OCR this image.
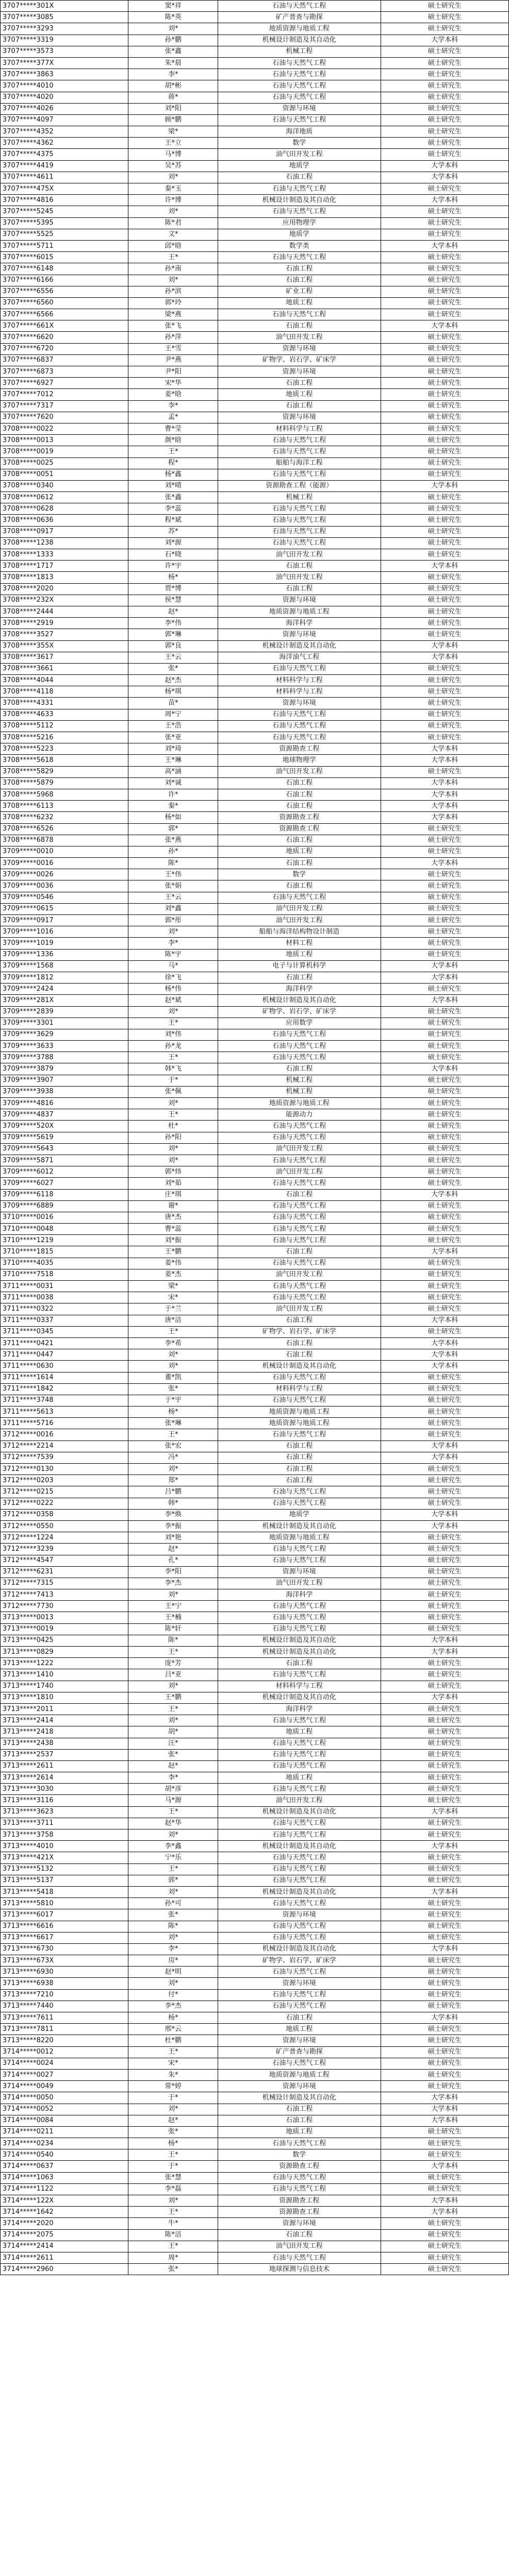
3707*****301X	窦*祥	石油与天然气工程	硕士研究生
3707*****3085	陈*英	矿产普查与勘探	硕士研究生
3707*****3293	刘*	地质资源与地质工程	硕士研究生
3707*****3319	孙*鹏	机械设计制造及其自动化	大学本科
3707*****3573	张*鑫	机械工程	硕士研究生
3707*****377X	朱*晨	石油与天然气工程	硕士研究生
3707*****3863	李*	石油与天然气工程	硕士研究生
3707*****4010	胡*彬	石油与天然气工程	硕士研究生
3707*****4020	蒋*	石油与天然气工程	硕士研究生
3707*****4026	刘*阳	资源与环境	硕士研究生
3707*****4097	顾*鹏	石油与天然气工程	硕士研究生
3707*****4352	梁*	海洋地质	硕士研究生
3707*****4362	王*立	数学	硕士研究生
3707*****4375	马*博	油气田开发工程	硕士研究生
3707*****4419	吴*苏	地质学	大学本科
3707*****4611	刘*	石油工程	大学本科
3707*****475X	秦*玉	石油与天然气工程	硕士研究生
3707*****4816	许*博	机械设计制造及其自动化	大学本科
3707*****5245	刘*	石油与天然气工程	硕士研究生
3707*****5395	陈*君	应用物理学	硕士研究生
3707*****5525	文*	地质学	硕士研究生
3707*****5711	邱*晗	数学类	大学本科
3707*****6015	王*	石油与天然气工程	硕士研究生
3707*****6148	孙*南	石油工程	硕士研究生
3707*****6166	刘*	石油工程	硕士研究生
3707*****6556	孙*滨	矿业工程	硕士研究生
3707*****6560	郭*玲	地质工程	硕士研究生
3707*****6566	梁*燕	石油与天然气工程	硕士研究生
3707*****661X	张*飞	石油工程	大学本科
3707*****6620	孙*萍	油气田开发工程	硕士研究生
3707*****6720	王*雪	资源与环境	硕士研究生
3707*****6837	尹*燕	矿物学、岩石学、矿床学	硕士研究生
3707*****6873	尹*阳	资源与环境	硕士研究生
3707*****6927	宋*华	石油工程	硕士研究生
3707*****7012	姜*晗	地质工程	硕士研究生
3707*****7317	李*	石油工程	硕士研究生
3707*****7620	孟*	资源与环境	硕士研究生
3708*****0022	曹*莹	材料科学与工程	硕士研究生
3708*****0013	颜*晗	石油与天然气工程	硕士研究生
3708*****0019	王*	石油与天然气工程	硕士研究生
3708*****0025	程*	船舶与海洋工程	硕士研究生
3708*****0051	杨*鑫	石油与天然气工程	硕士研究生
3708*****0340	刘*晴	资源勘查工程（能源）	大学本科
3708*****0612	张*鑫	机械工程	硕士研究生
3708*****0628	李*蕊	石油与天然气工程	硕士研究生
3708*****0636	程*斌	石油与天然气工程	硕士研究生
3708*****0917	苏*	石油与天然气工程	硕士研究生
3708*****1238	刘*源	石油与天然气工程	硕士研究生
3708*****1333	石*晓	油气田开发工程	硕士研究生
3708*****1717	许*宇	石油工程	大学本科
3708*****1813	杨*	油气田开发工程	硕士研究生
3708*****2020	贾*博	石油工程	硕士研究生
3708*****232X	侯*慧	资源与环境	硕士研究生
3708*****2444	赵*	地质资源与地质工程	硕士研究生
3708*****2919	李*伟	海洋科学	硕士研究生
3708*****3527	郭*琳	资源与环境	硕士研究生
3708*****355X	郭*良	机械设计制造及其自动化	大学本科
3708*****3617	王*云	海洋油气工程	大学本科
3708*****3661	张*	石油与天然气工程	硕士研究生
3708*****4044	赵*杰	材料科学与工程	硕士研究生
3708*****4118	杨*琪	材料科学与工程	硕士研究生
3708*****4331	苗*	资源与环境	硕士研究生
3708*****4633	周*宁	石油与天然气工程	硕士研究生
3708*****5112	王*浩	石油与天然气工程	硕士研究生
3708*****5216	张*亚	石油与天然气工程	硕士研究生
3708*****5223	刘*琦	资源勘查工程	大学本科
3708*****5618	王*琳	地球物理学	大学本科
3708*****5829	高*涵	油气田开发工程	硕士研究生
3708*****5879	刘*诚	石油工程	大学本科
3708*****5968	许*	石油工程	大学本科
3708*****6113	秦*	石油工程	大学本科
3708*****6232	杨*如	资源勘查工程	大学本科
3708*****6526	郭*	资源勘查工程	硕士研究生
3708*****6878	张*燕	石油工程	硕士研究生
3709*****0010	孙*	地质工程	硕士研究生
3709*****0016	陈*	石油工程	大学本科
3709*****0026	王*伟	数学	硕士研究生
3709*****0036	张*娟	石油工程	硕士研究生
3709*****0546	王*云	石油与天然气工程	硕士研究生
3709*****0615	刘*鑫	油气田开发工程	硕士研究生
3709*****0917	郭*彤	油气田开发工程	硕士研究生
3709*****1016	刘*	船舶与海洋结构物设计制造	硕士研究生
3709*****1019	李*	材料工程	硕士研究生
3709*****1336	陈*宇	地质工程	硕士研究生
3709*****1568	马*	电子与计算机科学	大学本科
3709*****1812	徐*飞	石油工程	大学本科
3709*****2424	杨*伟	海洋科学	硕士研究生
3709*****281X	赵*斌	机械设计制造及其自动化	大学本科
3709*****2839	刘*	矿物学、岩石学、矿床学	硕士研究生
3709*****3301	王*	应用数学	硕士研究生
3709*****3629	刘*伟	石油与天然气工程	硕士研究生
3709*****3633	孙*龙	石油与天然气工程	硕士研究生
3709*****3788	王*	石油与天然气工程	硕士研究生
3709*****3879	韩*飞	石油工程	大学本科
3709*****3907	于*	机械工程	硕士研究生
3709*****3938	张*佩	机械工程	硕士研究生
3709*****4816	刘*	地质资源与地质工程	硕士研究生
3709*****4837	王*	能源动力	硕士研究生
3709*****520X	杜*	石油与天然气工程	硕士研究生
3709*****5619	孙*阳	石油与天然气工程	硕士研究生
3709*****5643	刘*	油气田开发工程	硕士研究生
3709*****5871	刘*	石油与天然气工程	硕士研究生
3709*****6012	郭*炜	油气田开发工程	硕士研究生
3709*****6027	刘*茹	石油与天然气工程	硕士研究生
3709*****6118	庄*琪	石油工程	大学本科
3709*****6889	谢*	石油与天然气工程	硕士研究生
3710*****0016	唐*杰	石油与天然气工程	硕士研究生
3710*****0048	曹*蕊	石油与天然气工程	硕士研究生
3710*****1219	刘*振	石油与天然气工程	硕士研究生
3710*****1815	王*鹏	石油工程	大学本科
3710*****4035	姜*伟	石油与天然气工程	硕士研究生
3710*****7518	姜*杰	油气田开发工程	硕士研究生
3711*****0031	梁*	石油与天然气工程	硕士研究生
3711*****0038	宋*	石油与天然气工程	硕士研究生
3711*****0322	于*兰	油气田开发工程	硕士研究生
3711*****0337	唐*洁	石油工程	大学本科
3711*****0345	王*	矿物学、岩石学、矿床学	硕士研究生
3711*****0421	李*希	石油工程	大学本科
3711*****0447	刘*	石油工程	大学本科
3711*****0630	刘*	机械设计制造及其自动化	大学本科
3711*****1614	董*凯	石油与天然气工程	硕士研究生
3711*****1842	张*	材料科学与工程	硕士研究生
3711*****3748	于*宇	石油与天然气工程	硕士研究生
3711*****5613	杨*	地质资源与地质工程	硕士研究生
3711*****5716	张*琳	地质资源与地质工程	硕士研究生
3712*****0016	王*	石油与天然气工程	硕士研究生
3712*****2214	张*宏	石油工程	大学本科
3712*****7539	冯*	石油工程	大学本科
3712*****0130	刘*	石油工程	硕士研究生
3712*****0203	郑*	石油工程	硕士研究生
3712*****0215	吕*鹏	石油与天然气工程	硕士研究生
3712*****0222	韩*	石油与天然气工程	硕士研究生
3712*****0358	李*焕	地质学	大学本科
3712*****0550	李*振	机械设计制造及其自动化	大学本科
3712*****1224	刘*艳	地质资源与地质工程	硕士研究生
3712*****3239	赵*	石油与天然气工程	硕士研究生
3712*****4547	孔*	石油与天然气工程	硕士研究生
3712*****6231	李*阳	资源与环境	硕士研究生
3712*****7315	李*杰	油气田开发工程	硕士研究生
3712*****7413	刘*	海洋科学	硕士研究生
3712*****7730	王*宁	石油与天然气工程	硕士研究生
3713*****0013	王*楠	石油与天然气工程	硕士研究生
3713*****0019	陈*轩	石油与天然气工程	硕士研究生
3713*****0425	陈*	机械设计制造及其自动化	大学本科
3713*****0829	王*	机械设计制造及其自动化	大学本科
3713*****1222	庞*芳	石油工程	硕士研究生
3713*****1410	吕*亚	石油与天然气工程	硕士研究生
3713*****1740	刘*	材料科学与工程	硕士研究生
3713*****1810	王*鹏	机械设计制造及其自动化	大学本科
3713*****2011	王*	海洋科学	硕士研究生
3713*****2414	刘*	石油与天然气工程	硕士研究生
3713*****2418	胡*	地质工程	硕士研究生
3713*****2438	汪*	石油与天然气工程	硕士研究生
3713*****2537	张*	石油与天然气工程	硕士研究生
3713*****2611	赵*	石油与天然气工程	硕士研究生
3713*****2614	李*	地质工程	硕士研究生
3713*****3030	胡*彦	石油与天然气工程	硕士研究生
3713*****3116	马*源	油气田开发工程	硕士研究生
3713*****3623	王*	机械设计制造及其自动化	大学本科
3713*****3711	赵*华	石油与天然气工程	硕士研究生
3713*****3758	刘*	石油与天然气工程	硕士研究生
3713*****4010	李*鑫	机械设计制造及其自动化	大学本科
3713*****421X	宁*乐	石油与天然气工程	硕士研究生
3713*****5132	王*	石油与天然气工程	硕士研究生
3713*****5137	郭*	石油与天然气工程	硕士研究生
3713*****5418	刘*	机械设计制造及其自动化	大学本科
3713*****5810	孙*可	石油与天然气工程	硕士研究生
3713*****6017	张*	资源与环境	硕士研究生
3713*****6616	陈*	石油与天然气工程	硕士研究生
3713*****6617	刘*	石油与天然气工程	硕士研究生
3713*****6730	李*	机械设计制造及其自动化	大学本科
3713*****673X	房*	矿物学、岩石学、矿床学	硕士研究生
3713*****6930	赵*明	石油与天然气工程	硕士研究生
3713*****6938	刘*	资源与环境	硕士研究生
3713*****7210	付*	石油与天然气工程	硕士研究生
3713*****7440	李*杰	石油与天然气工程	硕士研究生
3713*****7611	杨*	石油工程	大学本科
3713*****7811	邢*云	地质工程	硕士研究生
3713*****8220	杜*鹏	资源与环境	硕士研究生
3714*****0012	王*	矿产普查与勘探	硕士研究生
3714*****0024	宋*	石油与天然气工程	硕士研究生
3714*****0027	朱*	地质资源与地质工程	硕士研究生
3714*****0049	常*婷	资源与环境	硕士研究生
3714*****0050	于*	机械设计制造及其自动化	大学本科
3714*****0052	刘*	石油工程	大学本科
3714*****0084	赵*	石油工程	大学本科
3714*****0211	张*	地质工程	硕士研究生
3714*****0234	杨*	石油与天然气工程	硕士研究生
3714*****0540	王*	数学	硕士研究生
3714*****0637	于*	资源勘查工程	大学本科
3714*****1063	张*慧	石油与天然气工程	硕士研究生
3714*****1122	李*磊	石油与天然气工程	硕士研究生
3714*****122X	刘*	资源勘查工程	大学本科
3714*****1642	王*	资源勘查工程	大学本科
3714*****2020	牛*	资源与环境	硕士研究生
3714*****2075	陈*洁	石油工程	硕士研究生
3714*****2414	王*	油气田开发工程	硕士研究生
3714*****2611	周*	石油与天然气工程	硕士研究生
3714*****2960	张*	地球探测与信息技术	硕士研究生
